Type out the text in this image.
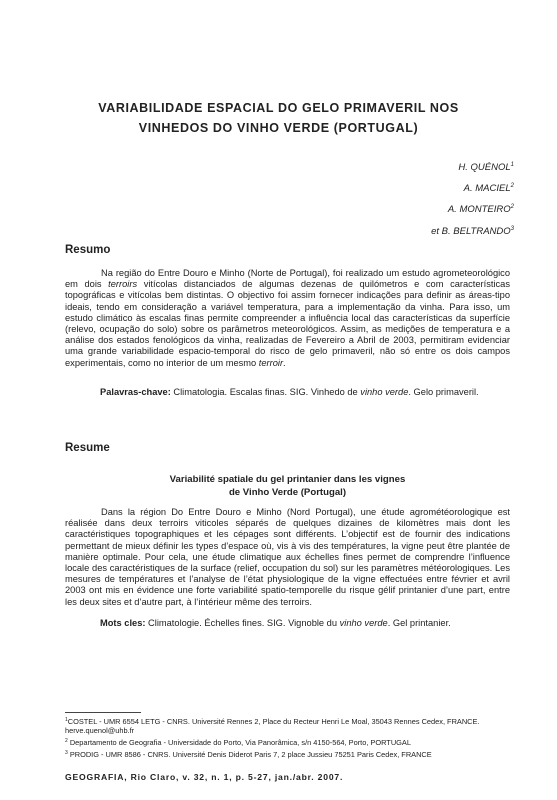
VARIABILIDADE ESPACIAL DO GELO PRIMAVERIL NOS
VINHEDOS DO VINHO VERDE (PORTUGAL)
H. QUÉNOL$^1$
A. MACIEL$^2$
A. MONTEIRO$^2$
et B. BELTRANDO$^3$
Resumo
Na região do Entre Douro e Minho (Norte de Portugal), foi realizado um estudo agrometeorológico em dois terroirs vitícolas distanciados de algumas dezenas de quilómetros e com características topográficas e vitícolas bem distintas. O objectivo foi assim fornecer indicações para definir as áreas-tipo ideais, tendo em consideração a variável temperatura, para a implementação da vinha. Para isso, um estudo climático às escalas finas permite compreender a influência local das características da superfície (relevo, ocupação do solo) sobre os parâmetros meteorológicos. Assim, as medições de temperatura e a análise dos estados fenológicos da vinha, realizadas de Fevereiro a Abril de 2003, permitiram evidenciar uma grande variabilidade espacio-temporal do risco de gelo primaveril, não só entre os dois campos experimentais, como no interior de um mesmo terroir.
Palavras-chave: Climatologia. Escalas finas. SIG. Vinhedo de vinho verde. Gelo primaveril.
Resume
Variabilité spatiale du gel printanier dans les vignes
de Vinho Verde (Portugal)
Dans la région Do Entre Douro e Minho (Nord Portugal), une étude agrométéorologique est réalisée dans deux terroirs viticoles séparés de quelques dizaines de kilomètres mais dont les caractéristiques topographiques et les cépages sont différents. L’objectif est de fournir des indications permettant de mieux définir les types d’espace où, vis à vis des températures, la vigne peut être plantée de manière optimale. Pour cela, une étude climatique aux échelles fines permet de comprendre l’influence locale des caractéristiques de la surface (relief, occupation du sol) sur les paramètres météorologiques. Les mesures de températures et l’analyse de l’état physiologique de la vigne effectuées entre février et avril 2003 ont mis en évidence une forte variabilité spatio-temporelle du risque gélif printanier d’une part, entre les deux sites et d’autre part, à l’intérieur même des terroirs.
Mots cles: Climatologie. Échelles fines. SIG. Vignoble du vinho verde. Gel printanier.
$^1$COSTEL - UMR 6554 LETG - CNRS. Université Rennes 2, Place du Recteur Henri Le Moal, 35043 Rennes Cedex, FRANCE. herve.quenol@uhb.fr
$^2$ Departamento de Geografia - Universidade do Porto, Via Panorâmica, s/n 4150-564, Porto, PORTUGAL
$^3$ PRODIG - UMR 8586 - CNRS. Université Denis Diderot Paris 7, 2 place Jussieu 75251 Paris Cedex, FRANCE
GEOGRAFIA, Rio Claro, v. 32, n. 1, p. 5-27, jan./abr. 2007.
